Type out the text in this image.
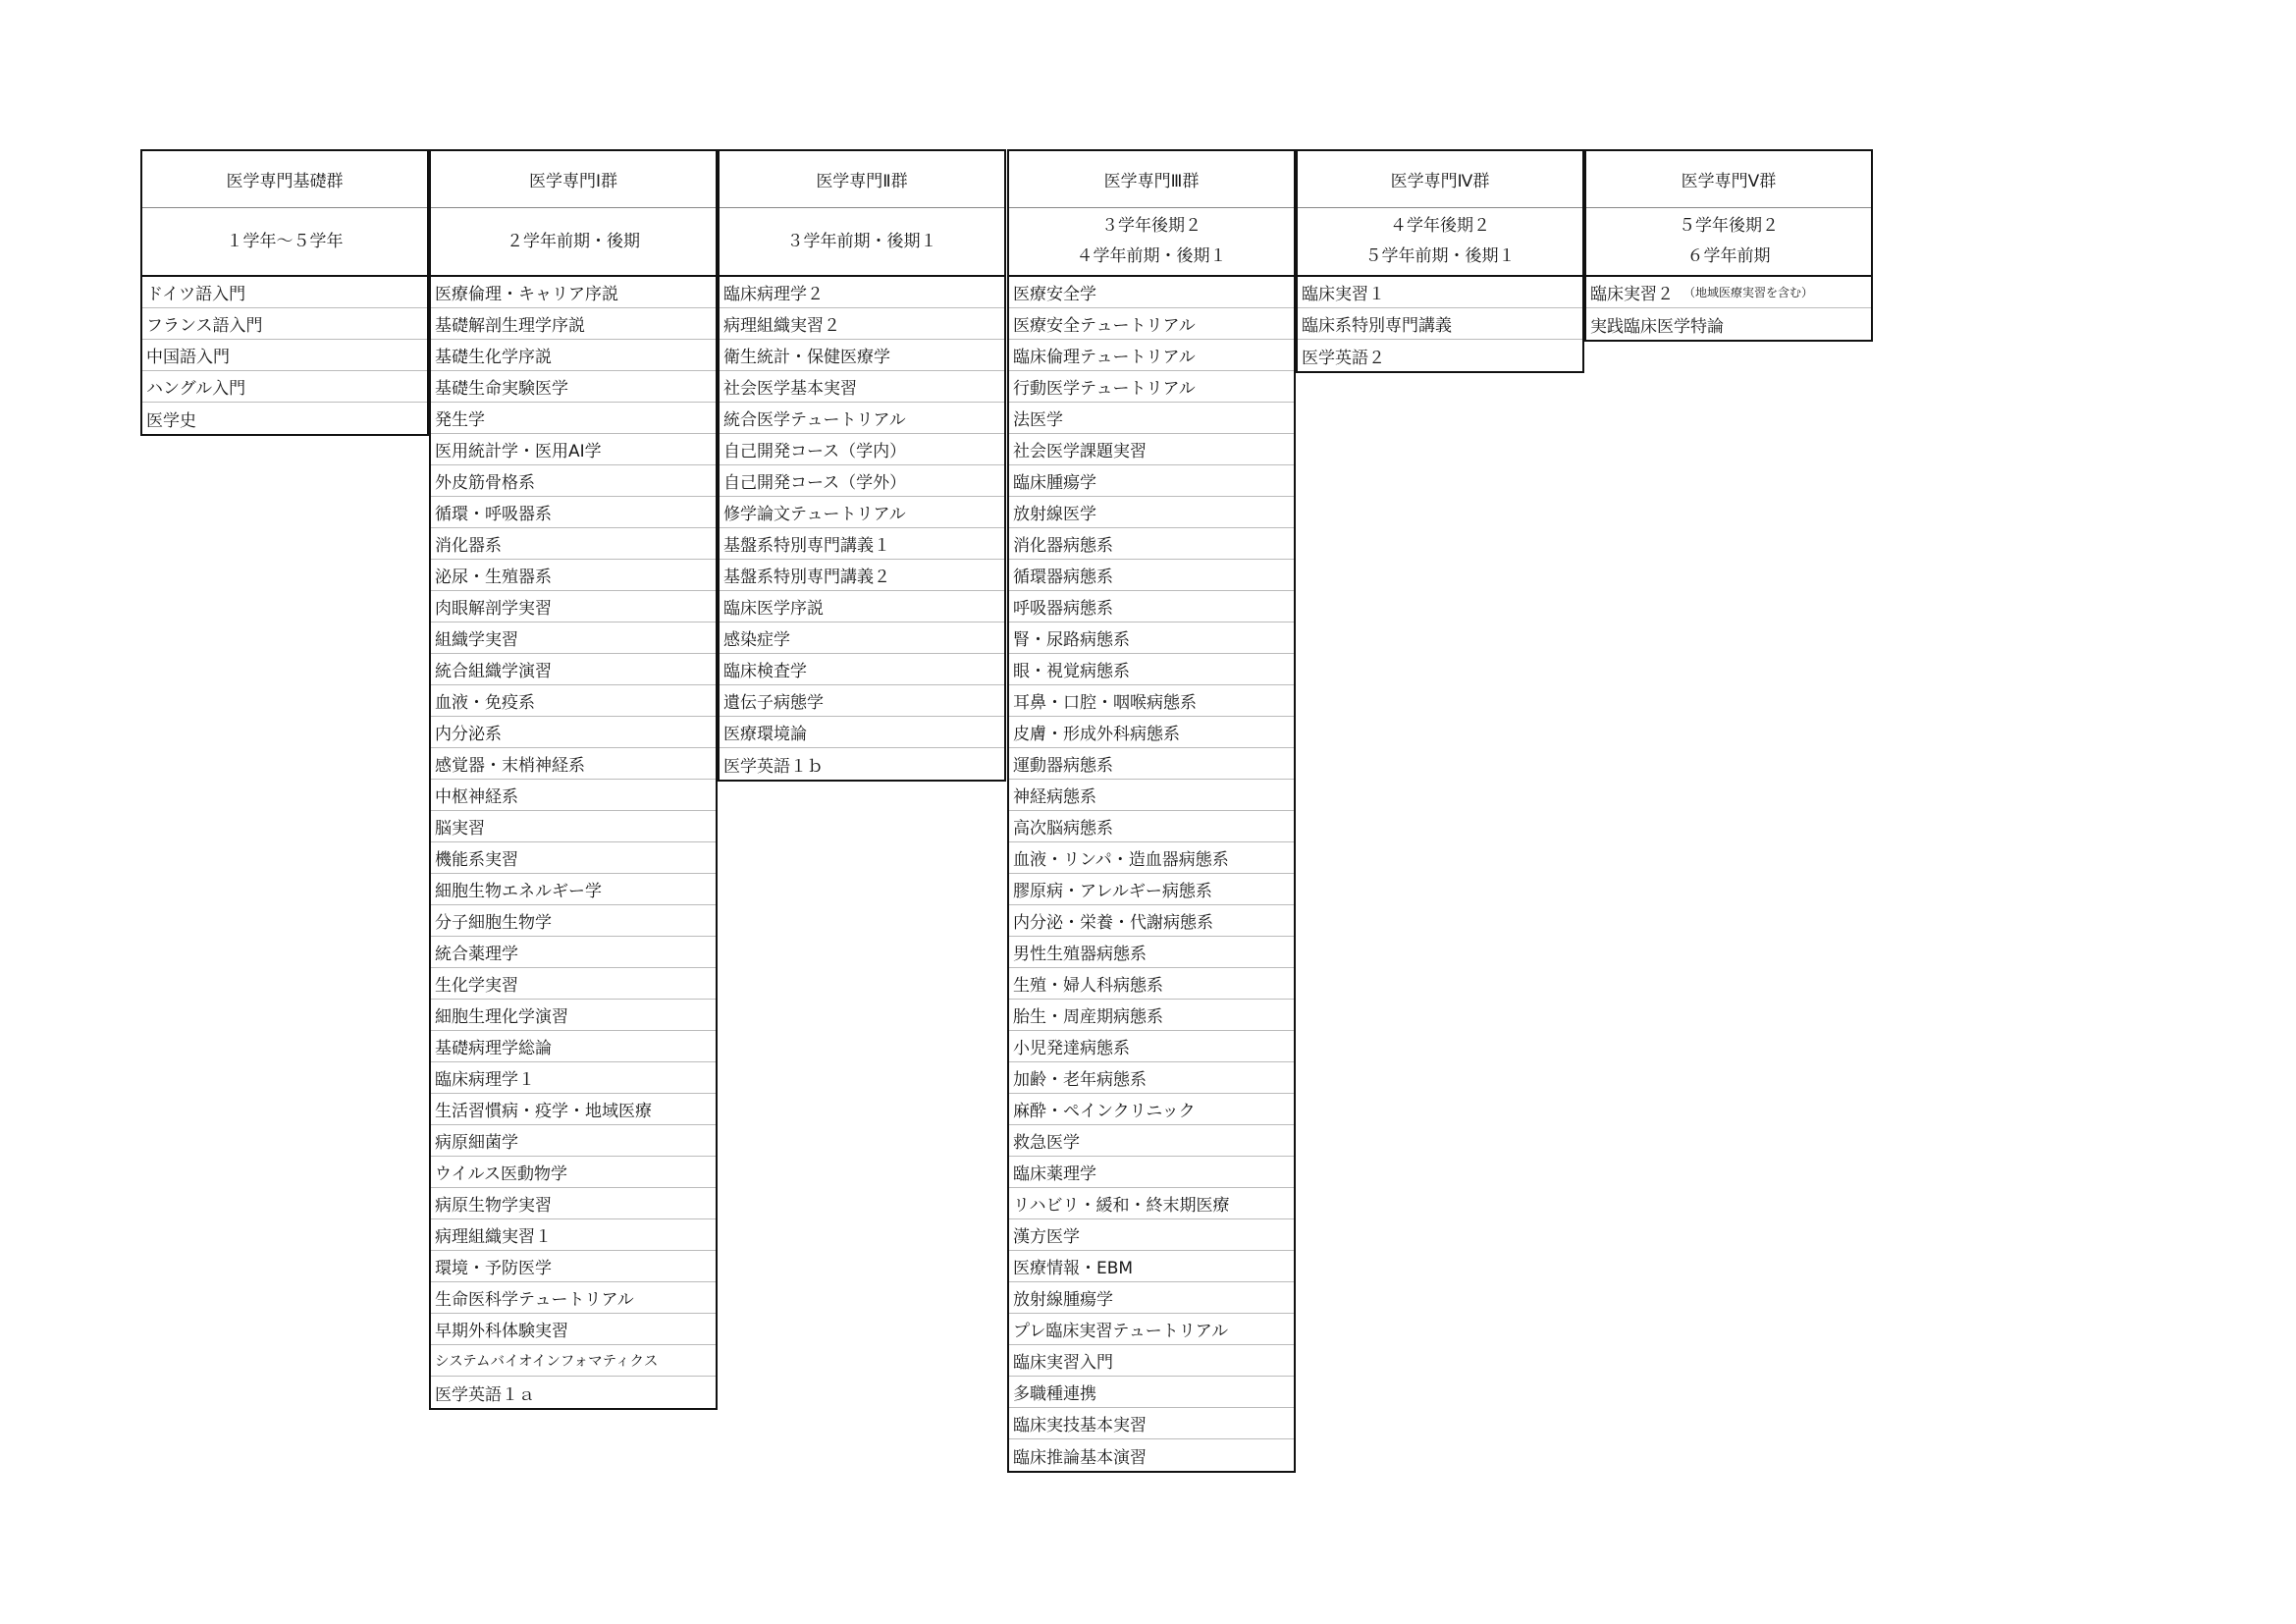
医学専門基礎群
１学年～５学年
ドイツ語入門
フランス語入門
中国語入門
ハングル入門
医学史
医学専門Ⅰ群
２学年前期・後期
医療倫理・キャリア序説
基礎解剖生理学序説
基礎生化学序説
基礎生命実験医学
発生学
医用統計学・医用AI学
外皮筋骨格系
循環・呼吸器系
消化器系
泌尿・生殖器系
肉眼解剖学実習
組織学実習
統合組織学演習
血液・免疫系
内分泌系
感覚器・末梢神経系
中枢神経系
脳実習
機能系実習
細胞生物エネルギー学
分子細胞生物学
統合薬理学
生化学実習
細胞生理化学演習
基礎病理学総論
臨床病理学１
生活習慣病・疫学・地域医療
病原細菌学
ウイルス医動物学
病原生物学実習
病理組織実習１
環境・予防医学
生命医科学テュートリアル
早期外科体験実習
システムバイオインフォマティクス
医学英語１ａ
医学専門Ⅱ群
３学年前期・後期１
臨床病理学２
病理組織実習２
衛生統計・保健医療学
社会医学基本実習
統合医学テュートリアル
自己開発コース（学内）
自己開発コース（学外）
修学論文テュートリアル
基盤系特別専門講義１
基盤系特別専門講義２
臨床医学序説
感染症学
臨床検査学
遺伝子病態学
医療環境論
医学英語１ｂ
医学専門Ⅲ群
３学年後期２
４学年前期・後期１
医療安全学
医療安全テュートリアル
臨床倫理テュートリアル
行動医学テュートリアル
法医学
社会医学課題実習
臨床腫瘍学
放射線医学
消化器病態系
循環器病態系
呼吸器病態系
腎・尿路病態系
眼・視覚病態系
耳鼻・口腔・咽喉病態系
皮膚・形成外科病態系
運動器病態系
神経病態系
高次脳病態系
血液・リンパ・造血器病態系
膠原病・アレルギー病態系
内分泌・栄養・代謝病態系
男性生殖器病態系
生殖・婦人科病態系
胎生・周産期病態系
小児発達病態系
加齢・老年病態系
麻酔・ペインクリニック
救急医学
臨床薬理学
リハビリ・緩和・終末期医療
漢方医学
医療情報・EBM
放射線腫瘍学
プレ臨床実習テュートリアル
臨床実習入門
多職種連携
臨床実技基本実習
臨床推論基本演習
医学専門Ⅳ群
４学年後期２
５学年前期・後期１
臨床実習１
臨床系特別専門講義
医学英語２
医学専門Ⅴ群
５学年後期２
６学年前期
臨床実習２ （地域医療実習を含む）
実践臨床医学特論
